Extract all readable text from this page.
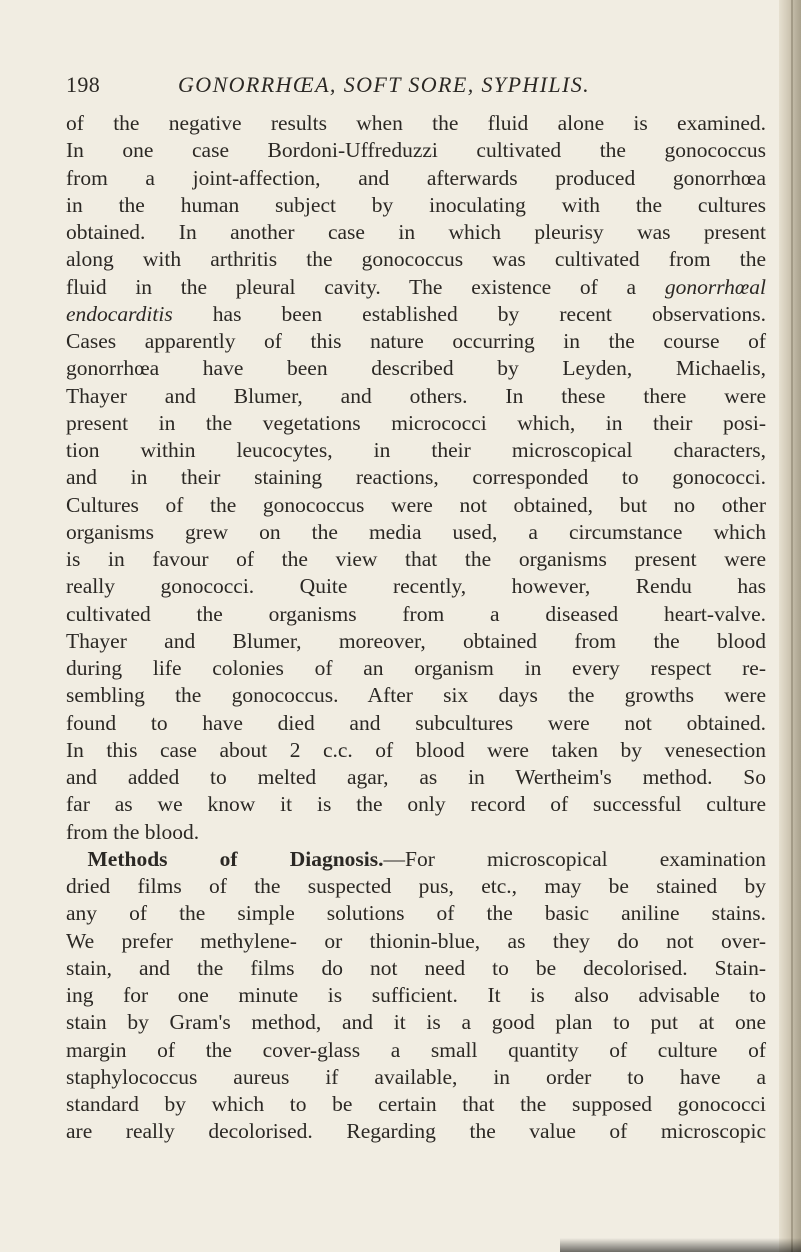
198	GONORRHŒA, SOFT SORE, SYPHILIS.
of the negative results when the fluid alone is examined.
In one case Bordoni-Uffreduzzi cultivated the gonococcus
from a joint-affection, and afterwards produced gonorrhœa
in the human subject by inoculating with the cultures
obtained. In another case in which pleurisy was present
along with arthritis the gonococcus was cultivated from the
fluid in the pleural cavity. The existence of a gonorrhœal
endocarditis has been established by recent observations.
Cases apparently of this nature occurring in the course of
gonorrhœa have been described by Leyden, Michaelis,
Thayer and Blumer, and others. In these there were
present in the vegetations micrococci which, in their posi-
tion within leucocytes, in their microscopical characters,
and in their staining reactions, corresponded to gonococci.
Cultures of the gonococcus were not obtained, but no other
organisms grew on the media used, a circumstance which
is in favour of the view that the organisms present were
really gonococci. Quite recently, however, Rendu has
cultivated the organisms from a diseased heart-valve.
Thayer and Blumer, moreover, obtained from the blood
during life colonies of an organism in every respect re-
sembling the gonococcus. After six days the growths were
found to have died and subcultures were not obtained.
In this case about 2 c.c. of blood were taken by venesection
and added to melted agar, as in Wertheim's method. So
far as we know it is the only record of successful culture
from the blood.
 Methods of Diagnosis.—For microscopical examination
dried films of the suspected pus, etc., may be stained by
any of the simple solutions of the basic aniline stains.
We prefer methylene- or thionin-blue, as they do not over-
stain, and the films do not need to be decolorised. Stain-
ing for one minute is sufficient. It is also advisable to
stain by Gram's method, and it is a good plan to put at one
margin of the cover-glass a small quantity of culture of
staphylococcus aureus if available, in order to have a
standard by which to be certain that the supposed gonococci
are really decolorised. Regarding the value of microscopic
